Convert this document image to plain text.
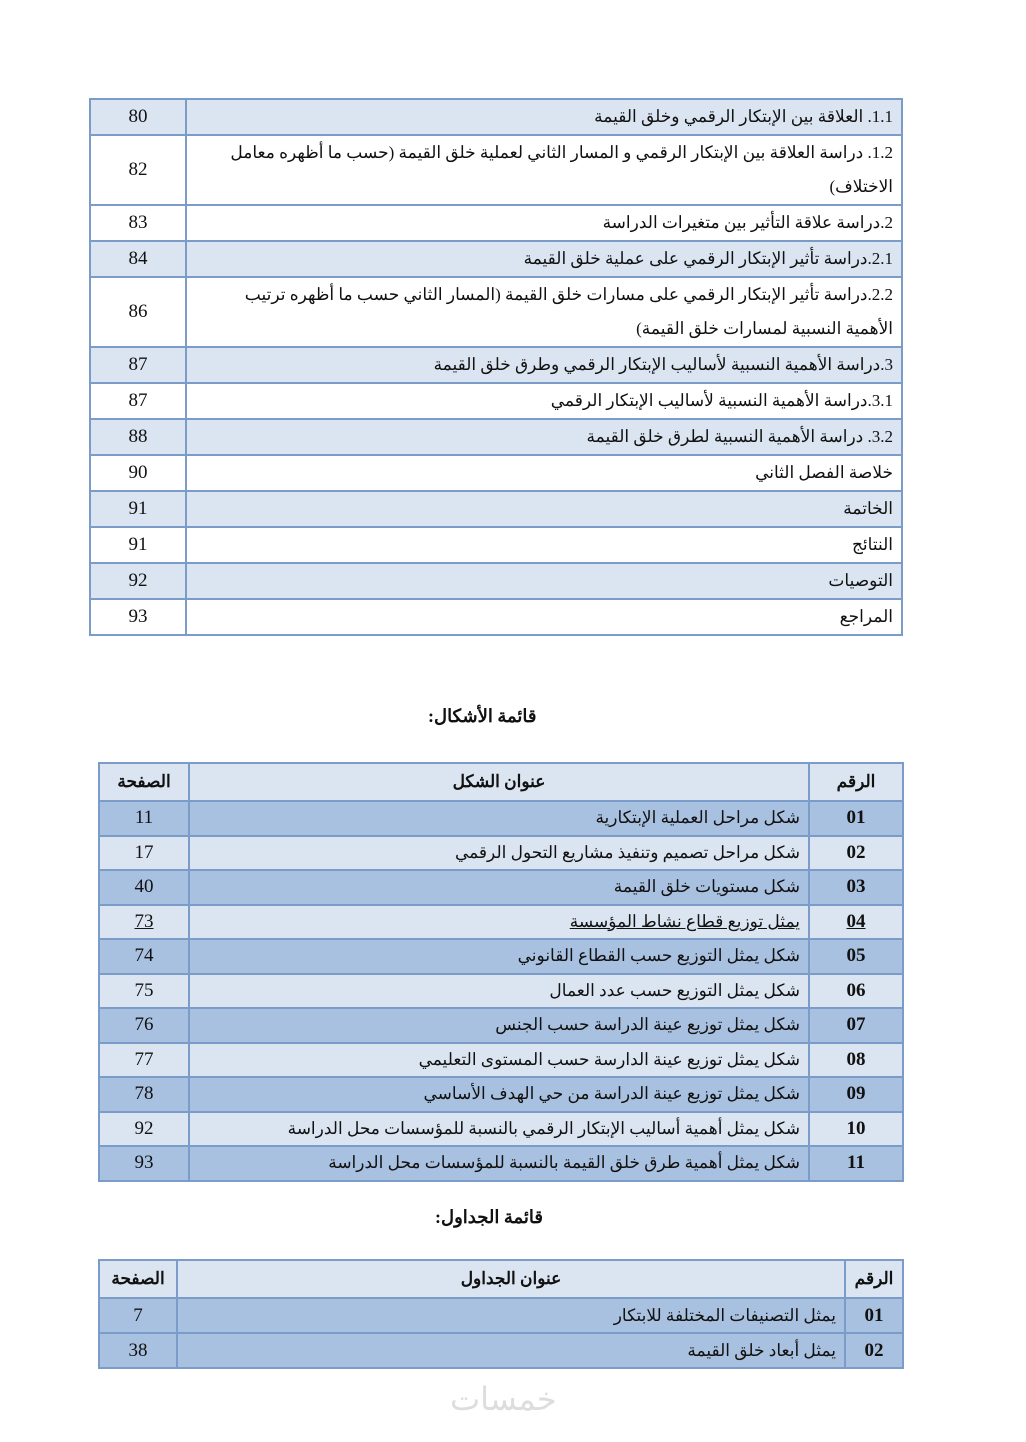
1.1. العلاقة بين الإبتكار الرقمي وخلق القيمة	80
1.2. دراسة العلاقة بين الإبتكار الرقمي و المسار الثاني لعملية خلق القيمة (حسب ما أظهره معامل الاختلاف)	82
2.دراسة علاقة التأثير بين متغيرات الدراسة	83
2.1.دراسة تأثير الإبتكار الرقمي على عملية خلق القيمة	84
2.2.دراسة تأثير الإبتكار الرقمي على مسارات خلق القيمة (المسار الثاني حسب ما أظهره ترتيب الأهمية النسبية لمسارات خلق القيمة)	86
3.دراسة الأهمية النسبية لأساليب الإبتكار الرقمي وطرق خلق القيمة	87
3.1.دراسة الأهمية النسبية لأساليب الإبتكار الرقمي	87
3.2. دراسة الأهمية النسبية لطرق خلق القيمة	88
خلاصة الفصل الثاني	90
الخاتمة	91
النتائج	91
التوصيات	92
المراجع	93
قائمة الأشكال:
الرقم	عنوان الشكل	الصفحة
01	شكل مراحل العملية الإبتكارية	11
02	شكل مراحل تصميم وتنفيذ مشاريع التحول الرقمي	17
03	شكل مستويات خلق القيمة	40
04	يمثل توزيع قطاع نشاط المؤسسة	73
05	شكل يمثل التوزيع حسب القطاع القانوني	74
06	شكل يمثل التوزيع حسب عدد العمال	75
07	شكل يمثل توزيع عينة الدراسة حسب الجنس	76
08	شكل يمثل توزيع عينة الدارسة حسب المستوى التعليمي	77
09	شكل يمثل توزيع عينة الدراسة من حي الهدف الأساسي	78
10	شكل يمثل أهمية أساليب الإبتكار الرقمي بالنسبة للمؤسسات محل الدراسة	92
11	شكل يمثل أهمية طرق خلق القيمة بالنسبة للمؤسسات محل الدراسة	93
قائمة الجداول:
الرقم	عنوان الجداول	الصفحة
01	يمثل التصنيفات المختلفة للابتكار	7
02	يمثل أبعاد خلق القيمة	38
خمسات
